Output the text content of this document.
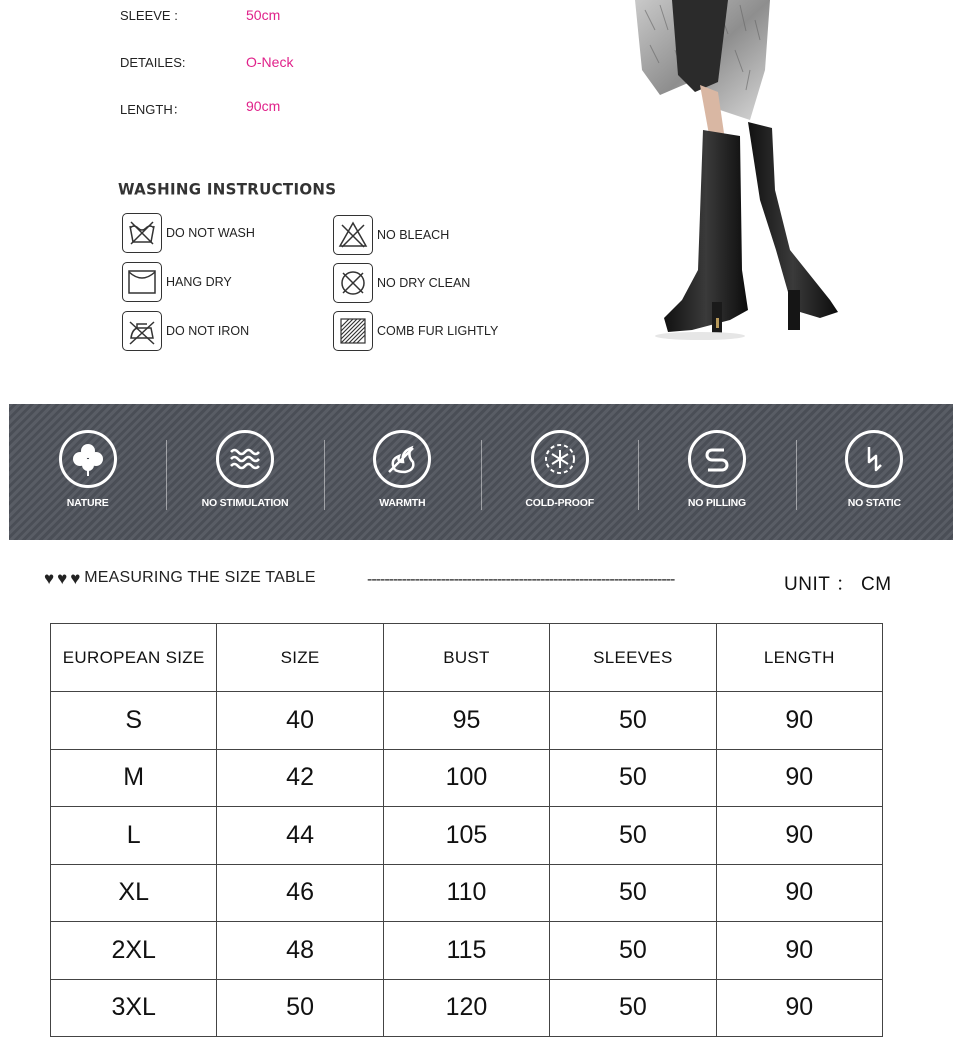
SLEEVE :	50cm
DETAILES:	O-Neck
LENGTH：	90cm
WASHING INSTRUCTIONS
DO NOT WASH	NO BLEACH
HANG DRY	NO DRY CLEAN
DO NOT IRON	COMB FUR LIGHTLY
NATURE	NO STIMULATION	WARMTH	COLD-PROOF	NO PILLING	NO STATIC
♥ ♥ ♥ MEASURING THE SIZE TABLE	-----------------------------------------------------------------------	UNIT ： CM
EUROPEAN SIZE	SIZE	BUST	SLEEVES	LENGTH
S	40	95	50	90
M	42	100	50	90
L	44	105	50	90
XL	46	110	50	90
2XL	48	115	50	90
3XL	50	120	50	90
